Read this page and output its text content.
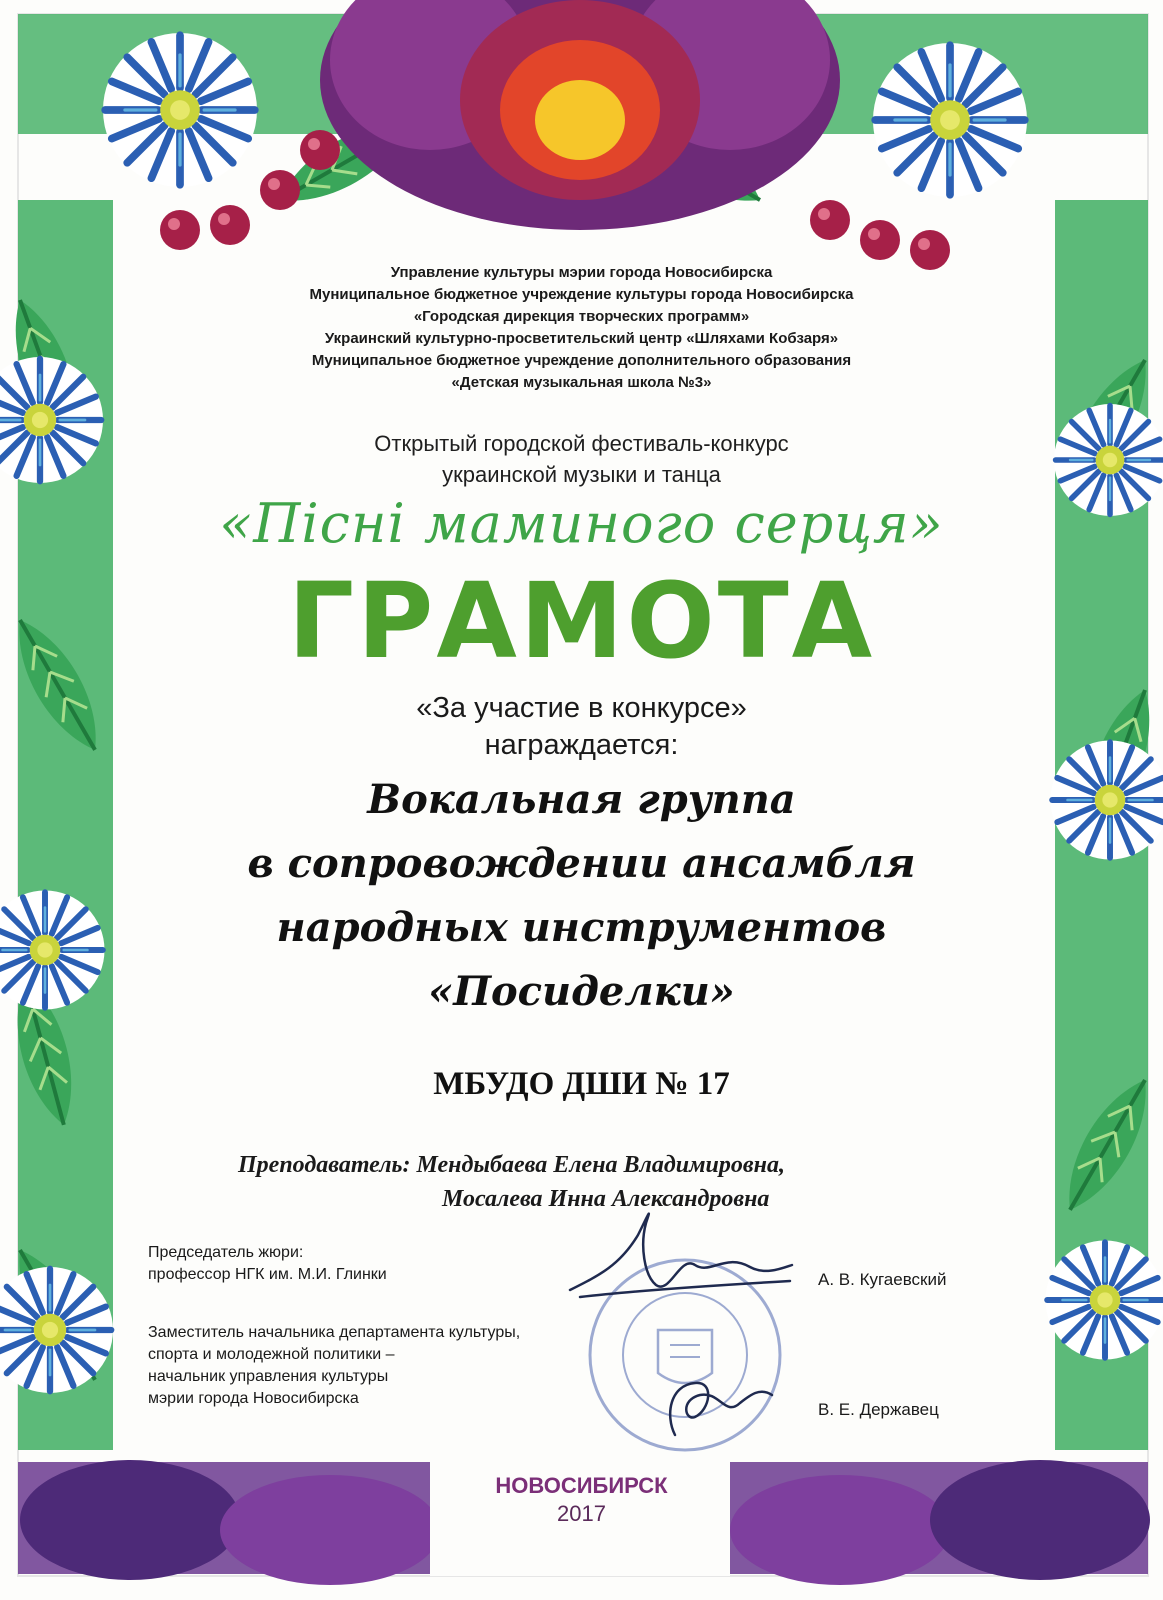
Управление культуры мэрии города Новосибирска
Муниципальное бюджетное учреждение культуры города Новосибирска
«Городская дирекция творческих программ»
Украинский культурно-просветительский центр «Шляхами Кобзаря»
Муниципальное бюджетное учреждение дополнительного образования
«Детская музыкальная школа №3»
Открытый городской фестиваль-конкурс
украинской музыки и танца
«Пісні маминого серця»
ГРАМОТА
«За участие в конкурсе»
награждается:
Вокальная группа
в сопровождении ансамбля
народных инструментов
«Посиделки»
МБУДО ДШИ № 17
Преподаватель: Мендыбаева Елена Владимировна,
Мосалева Инна Александровна
Председатель жюри:
профессор НГК им. М.И. Глинки	А. В. Кугаевский
Заместитель начальника департамента культуры,
спорта и молодежной политики –
начальник управления культуры
мэрии города Новосибирска
В. Е. Державец
НОВОСИБИРСК
2017
